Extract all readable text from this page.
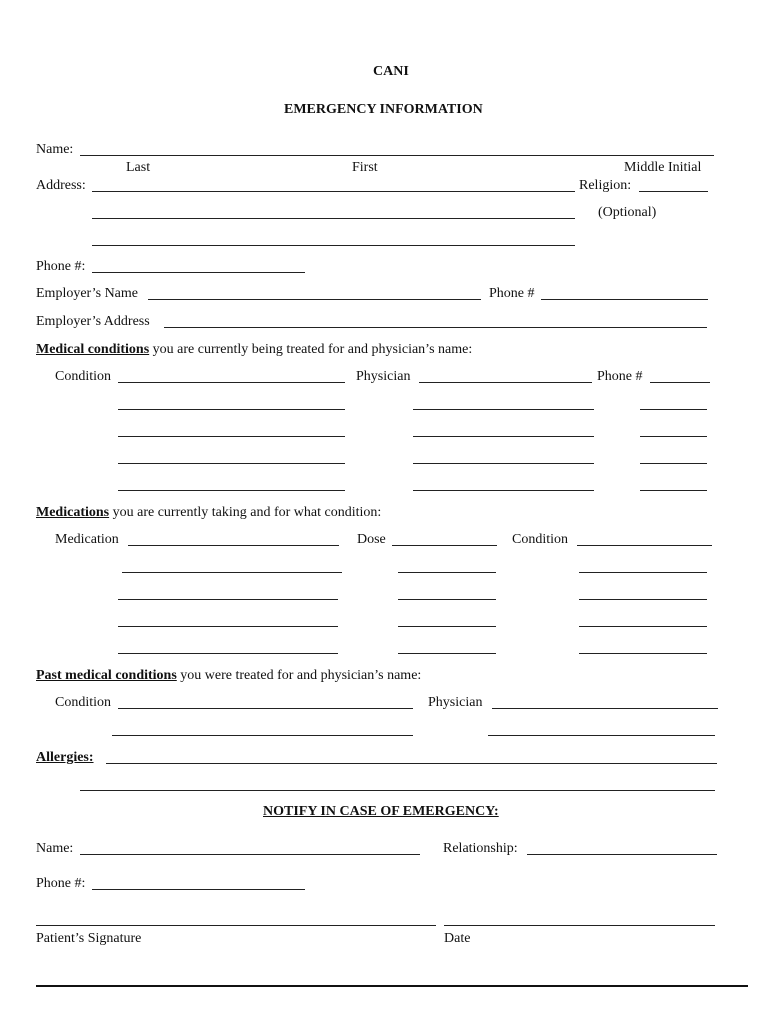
CANI
EMERGENCY INFORMATION
Name:
Last	First	Middle Initial
Address:	Religion:
(Optional)
Phone #:
Employer’s Name	Phone #
Employer’s Address
Medical conditions you are currently being treated for and physician’s name:
Condition	Physician	Phone #
Medications you are currently taking and for what condition:
Medication	Dose	Condition
Past medical conditions you were treated for and physician’s name:
Condition	Physician
Allergies:
NOTIFY IN CASE OF EMERGENCY:
Name:	Relationship:
Phone #:
Patient’s Signature	Date
